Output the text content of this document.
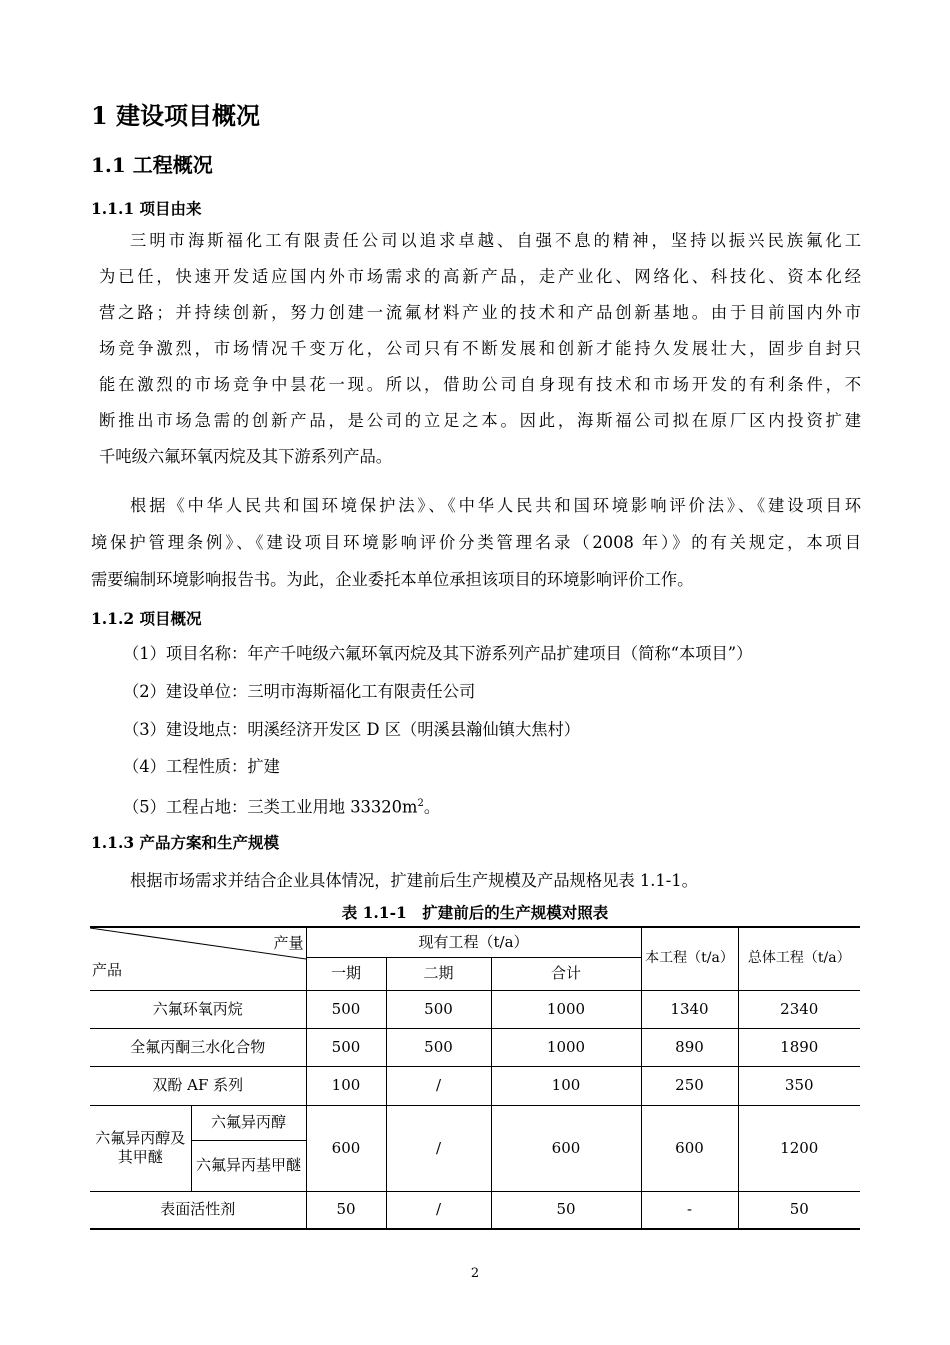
1 建设项目概况
1.1 工程概况
1.1.1 项目由来
三明市海斯福化工有限责任公司以追求卓越、自强不息的精神，坚持以振兴民族氟化工
为已任，快速开发适应国内外市场需求的高新产品，走产业化、网络化、科技化、资本化经
营之路；并持续创新，努力创建一流氟材料产业的技术和产品创新基地。由于目前国内外市
场竞争激烈，市场情况千变万化，公司只有不断发展和创新才能持久发展壮大，固步自封只
能在激烈的市场竞争中昙花一现。所以，借助公司自身现有技术和市场开发的有利条件，不
断推出市场急需的创新产品，是公司的立足之本。因此，海斯福公司拟在原厂区内投资扩建
千吨级六氟环氧丙烷及其下游系列产品。
根据《中华人民共和国环境保护法》、《中华人民共和国环境影响评价法》、《建设项目环
境保护管理条例》、《建设项目环境影响评价分类管理名录（2008 年）》的有关规定，本项目
需要编制环境影响报告书。为此，企业委托本单位承担该项目的环境影响评价工作。
1.1.2 项目概况
（1）项目名称：年产千吨级六氟环氧丙烷及其下游系列产品扩建项目（简称“本项目”）
（2）建设单位：三明市海斯福化工有限责任公司
（3）建设地点：明溪经济开发区 D 区（明溪县瀚仙镇大焦村）
（4）工程性质：扩建
（5）工程占地：三类工业用地 $33320m^2$。
1.1.3 产品方案和生产规模
根据市场需求并结合企业具体情况，扩建前后生产规模及产品规格见表 1.1-1。
表 1.1-1　扩建前后的生产规模对照表
产量
产品		现有工程（t/a）			本工程（t/a）	总体工程（t/a）
		一期	二期	合计		
六氟环氧丙烷		500	500	1000	1340	2340
全氟丙酮三水化合物		500	500	1000	890	1890
双酚 AF 系列		100	/	100	250	350
六氟异丙醇及其甲醚	六氟异丙醇	600	/	600	600	1200
	六氟异丙基甲醚					
表面活性剂		50	/	50	-	50
2
